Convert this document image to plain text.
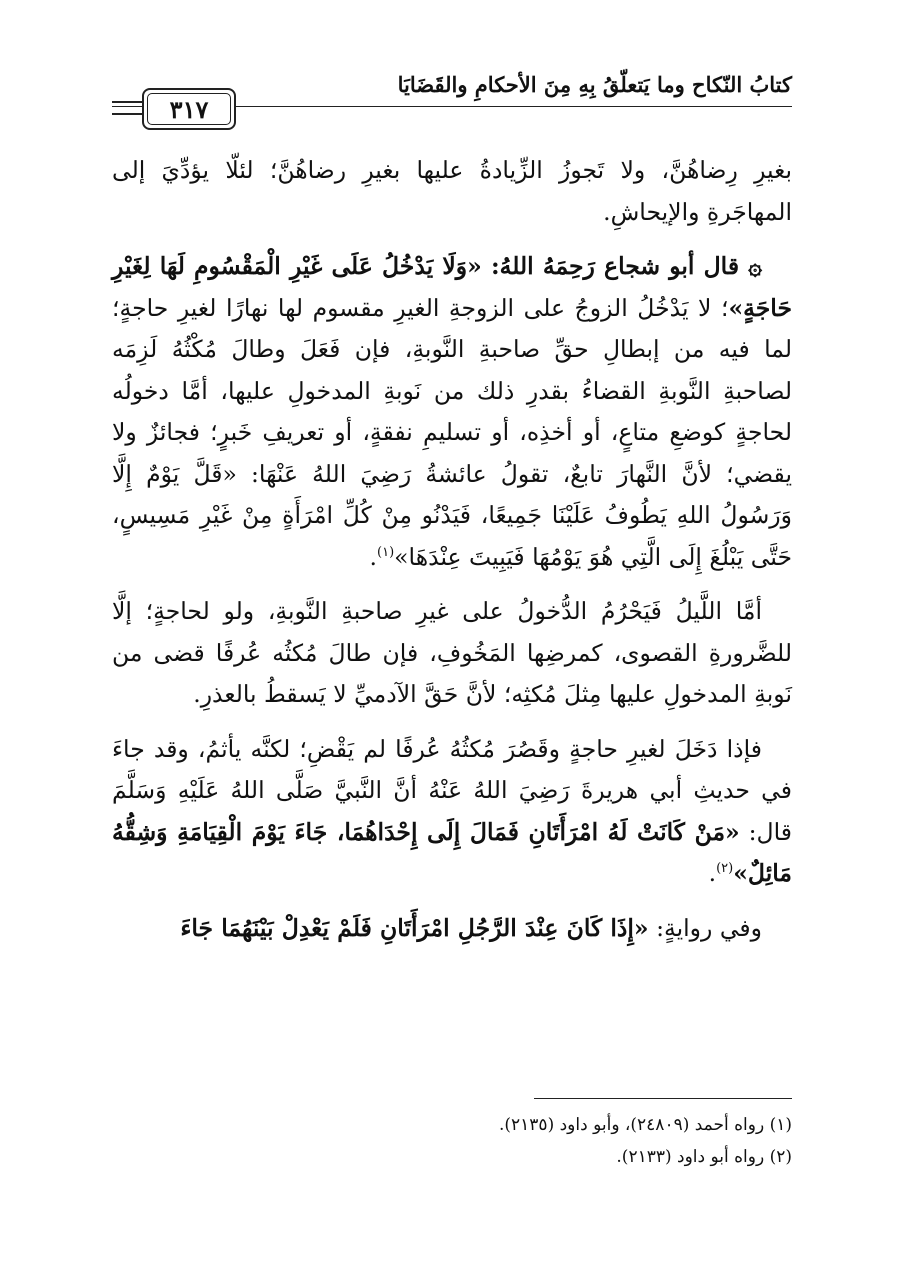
كتابُ النّكاح وما يَتعلّقُ بِهِ مِنَ الأحكامِ والقَضَايَا
٣١٧

بغيرِ رِضاهُنَّ، ولا تَجوزُ الزِّيادةُ عليها بغيرِ رضاهُنَّ؛ لئلّا يؤدِّيَ إلى المهاجَرةِ والإيحاشِ.

۞ قال أبو شجاع رَحِمَهُ اللهُ: «وَلَا يَدْخُلُ عَلَى غَيْرِ الْمَقْسُومِ لَهَا لِغَيْرِ حَاجَةٍ»؛ لا يَدْخُلُ الزوجُ على الزوجةِ الغيرِ مقسوم لها نهارًا لغيرِ حاجةٍ؛ لما فيه من إبطالِ حقِّ صاحبةِ النَّوبةِ، فإن فَعَلَ وطالَ مُكْثُهُ لَزِمَه لصاحبةِ النَّوبةِ القضاءُ بقدرِ ذلك من نَوبةِ المدخولِ عليها، أمَّا دخولُه لحاجةٍ كوضعِ متاعٍ، أو أخذِه، أو تسليمِ نفقةٍ، أو تعريفِ خَبرٍ؛ فجائزٌ ولا يقضي؛ لأنَّ النَّهارَ تابعٌ، تقولُ عائشةُ رَضِيَ اللهُ عَنْهَا: «قَلَّ يَوْمٌ إِلَّا وَرَسُولُ اللهِ يَطُوفُ عَلَيْنَا جَمِيعًا، فَيَدْنُو مِنْ كُلِّ امْرَأَةٍ مِنْ غَيْرِ مَسِيسٍ، حَتَّى يَبْلُغَ إِلَى الَّتِي هُوَ يَوْمُهَا فَيَبِيتَ عِنْدَهَا»$^{(١)}$.

أمَّا اللَّيلُ فَيَحْرُمُ الدُّخولُ على غيرِ صاحبةِ النَّوبةِ، ولو لحاجةٍ؛ إلَّا للضَّرورةِ القصوى، كمرضِها المَخُوفِ، فإن طالَ مُكثُه عُرفًا قضى من نَوبةِ المدخولِ عليها مِثلَ مُكثِه؛ لأنَّ حَقَّ الآدميِّ لا يَسقطُ بالعذرِ.

فإذا دَخَلَ لغيرِ حاجةٍ وقَصُرَ مُكثُهُ عُرفًا لم يَقْضِ؛ لكنَّه يأثمُ، وقد جاءَ في حديثِ أبي هريرةَ رَضِيَ اللهُ عَنْهُ أنَّ النَّبيَّ صَلَّى اللهُ عَلَيْهِ وَسَلَّمَ قال: «مَنْ كَانَتْ لَهُ امْرَأَتَانِ فَمَالَ إِلَى إِحْدَاهُمَا، جَاءَ يَوْمَ الْقِيَامَةِ وَشِقُّهُ مَائِلٌ»$^{(٢)}$.

وفي روايةٍ: «إِذَا كَانَ عِنْدَ الرَّجُلِ امْرَأَتَانِ فَلَمْ يَعْدِلْ بَيْنَهُمَا جَاءَ

(١) رواه أحمد (٢٤٨٠٩)، وأبو داود (٢١٣٥).
(٢) رواه أبو داود (٢١٣٣).
